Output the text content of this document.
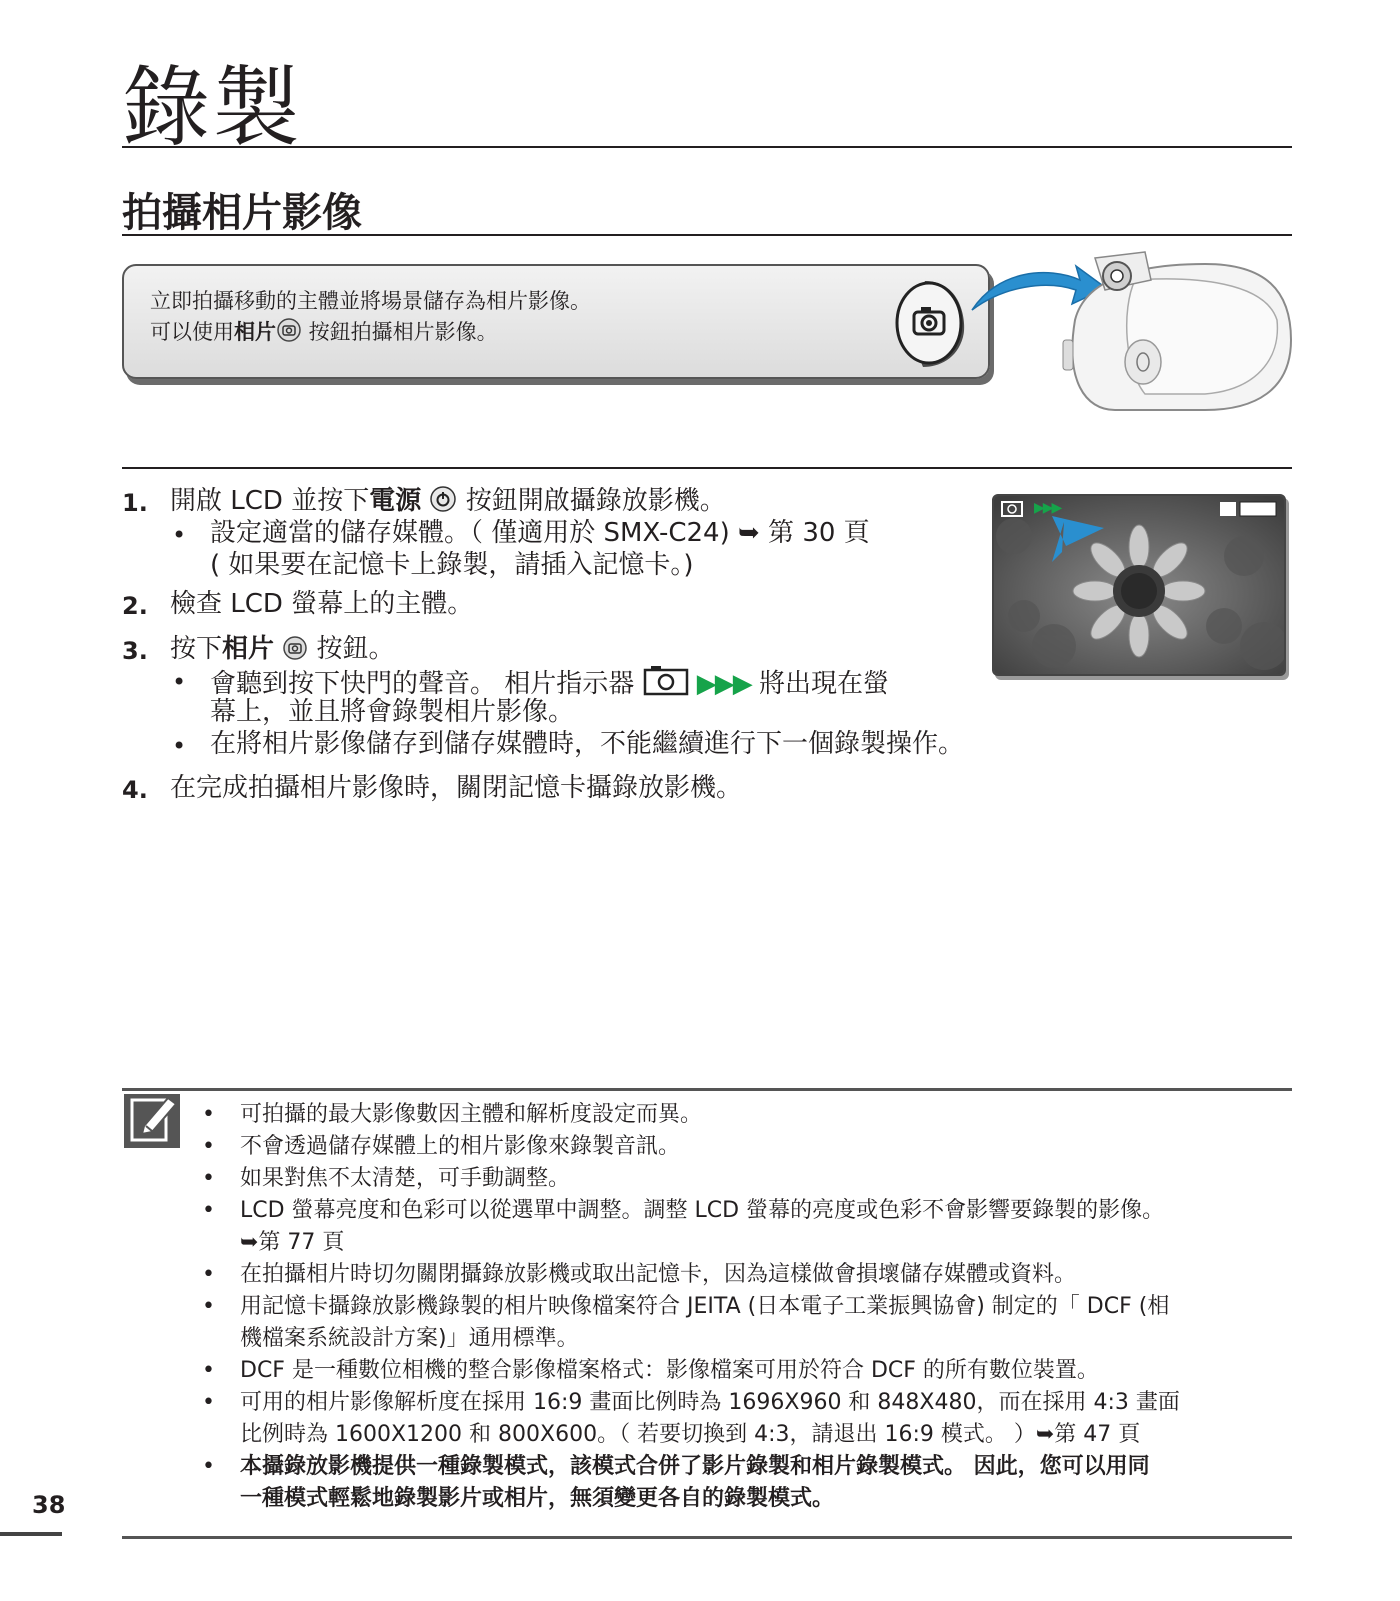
錄製
拍攝相片影像
立即拍攝移動的主體並將場景儲存為相片影像。
可以使用相片 按鈕拍攝相片影像。
1. 開啟 LCD 並按下電源  按鈕開啟攝錄放影機。
• 設定適當的儲存媒體。（ 僅適用於 SMX-C24) ➥ 第 30 頁
( 如果要在記憶卡上錄製，請插入記憶卡。)
2. 檢查 LCD 螢幕上的主體。
3. 按下相片  按鈕。
• 會聽到按下快門的聲音。 相片指示器  ▶▶▶ 將出現在螢
幕上，並且將會錄製相片影像。
• 在將相片影像儲存到儲存媒體時，不能繼續進行下一個錄製操作。
4. 在完成拍攝相片影像時，關閉記憶卡攝錄放影機。
▶▶▶
• 可拍攝的最大影像數因主體和解析度設定而異。
• 不會透過儲存媒體上的相片影像來錄製音訊。
• 如果對焦不太清楚，可手動調整。
• LCD 螢幕亮度和色彩可以從選單中調整。調整 LCD 螢幕的亮度或色彩不會影響要錄製的影像。
➥第 77 頁
• 在拍攝相片時切勿關閉攝錄放影機或取出記憶卡，因為這樣做會損壞儲存媒體或資料。
• 用記憶卡攝錄放影機錄製的相片映像檔案符合 JEITA (日本電子工業振興協會) 制定的「 DCF (相
機檔案系統設計方案)」通用標準。
• DCF 是一種數位相機的整合影像檔案格式：影像檔案可用於符合 DCF 的所有數位裝置。
• 可用的相片影像解析度在採用 16:9 畫面比例時為 1696X960 和 848X480，而在採用 4:3 畫面
比例時為 1600X1200 和 800X600。（ 若要切換到 4:3，請退出 16:9 模式。 ）➥第 47 頁
• 本攝錄放影機提供一種錄製模式，該模式合併了影片錄製和相片錄製模式。 因此，您可以用同
一種模式輕鬆地錄製影片或相片，無須變更各自的錄製模式。
38
